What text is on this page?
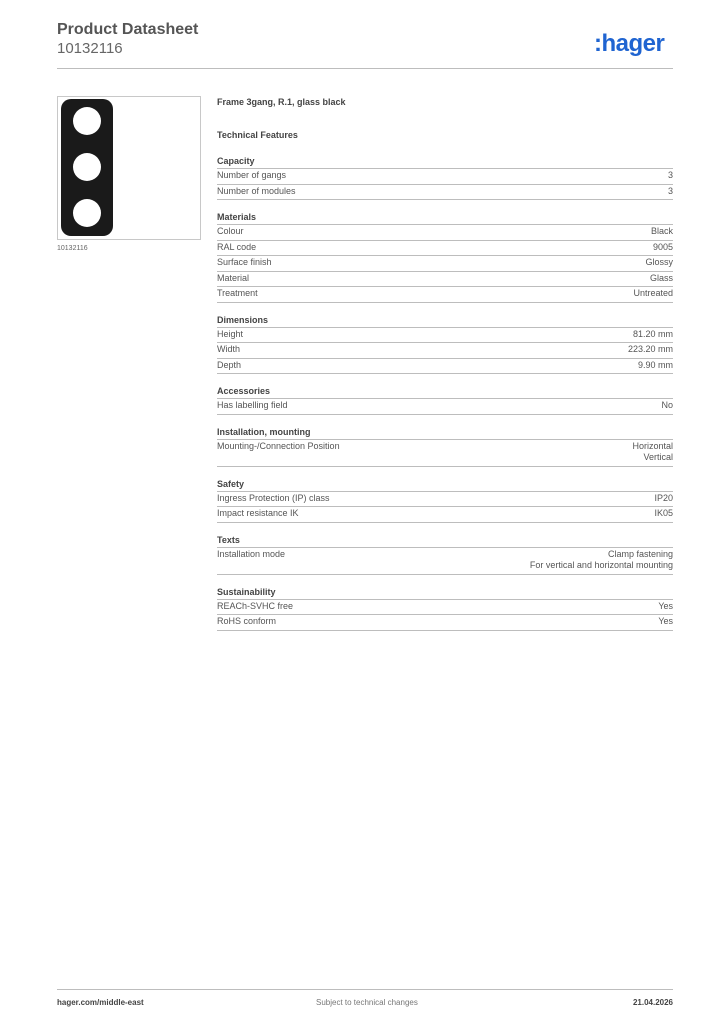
Product Datasheet
10132116	:hager
10132116
Frame 3gang, R.1, glass black
Technical Features
Capacity
Number of gangs	3
Number of modules	3
Materials
Colour	Black
RAL code	9005
Surface finish	Glossy
Material	Glass
Treatment	Untreated
Dimensions
Height	81.20 mm
Width	223.20 mm
Depth	9.90 mm
Accessories
Has labelling field	No
Installation, mounting
Mounting-/Connection Position	Horizontal
Vertical
Safety
Ingress Protection (IP) class	IP20
Impact resistance IK	IK05
Texts
Installation mode	Clamp fastening
For vertical and horizontal mounting
Sustainability
REACh-SVHC free	Yes
RoHS conform	Yes
hager.com/middle-east	Subject to technical changes	21.04.2026
